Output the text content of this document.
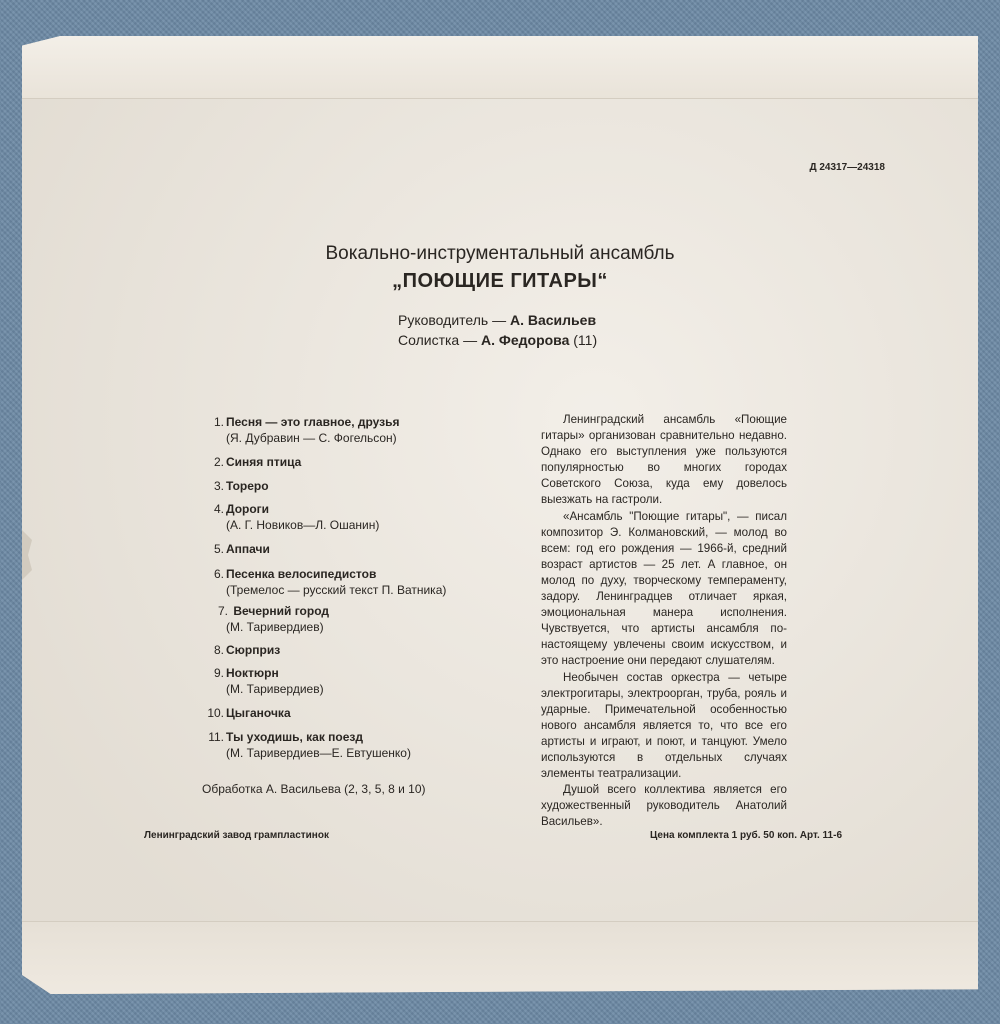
Д 24317—24318
Вокально-инструментальный ансамбль
„ПОЮЩИЕ ГИТАРЫ“
Руководитель — А. Васильев
Солистка — А. Федорова (11)
1. Песня — это главное, друзья
(Я. Дубравин — С. Фогельсон)
2. Синяя птица
3. Тореро
4. Дороги
(А. Г. Новиков—Л. Ошанин)
5. Аппачи
6. Песенка велосипедистов
(Тремелос — русский текст П. Ватника)
7. Вечерний город
(М. Таривердиев)
8. Сюрприз
9. Ноктюрн
(М. Таривердиев)
10. Цыганочка
11. Ты уходишь, как поезд
(М. Таривердиев—Е. Евтушенко)
Обработка А. Васильева (2, 3, 5, 8 и 10)

Ленинградский ансамбль «Поющие гитары» организован сравнительно недавно. Однако его выступления уже пользуются популярностью во многих городах Советского Союза, куда ему довелось выезжать на гастроли.

«Ансамбль "Поющие гитары", — писал композитор Э. Колмановский, — молод во всем: год его рождения — 1966-й, средний возраст артистов — 25 лет. А главное, он молод по духу, творческому темпераменту, задору. Ленинградцев отличает яркая, эмоциональная манера исполнения. Чувствуется, что артисты ансамбля по-настоящему увлечены своим искусством, и это настроение они передают слушателям.

Необычен состав оркестра — четыре электрогитары, электроорган, труба, рояль и ударные. Примечательной особенностью нового ансамбля является то, что все его артисты и играют, и поют, и танцуют. Умело используются в отдельных случаях элементы театрализации.

Душой всего коллектива является его художественный руководитель Анатолий Васильев».

Ленинградский завод грампластинок	Цена комплекта 1 руб. 50 коп. Арт. 11-6
